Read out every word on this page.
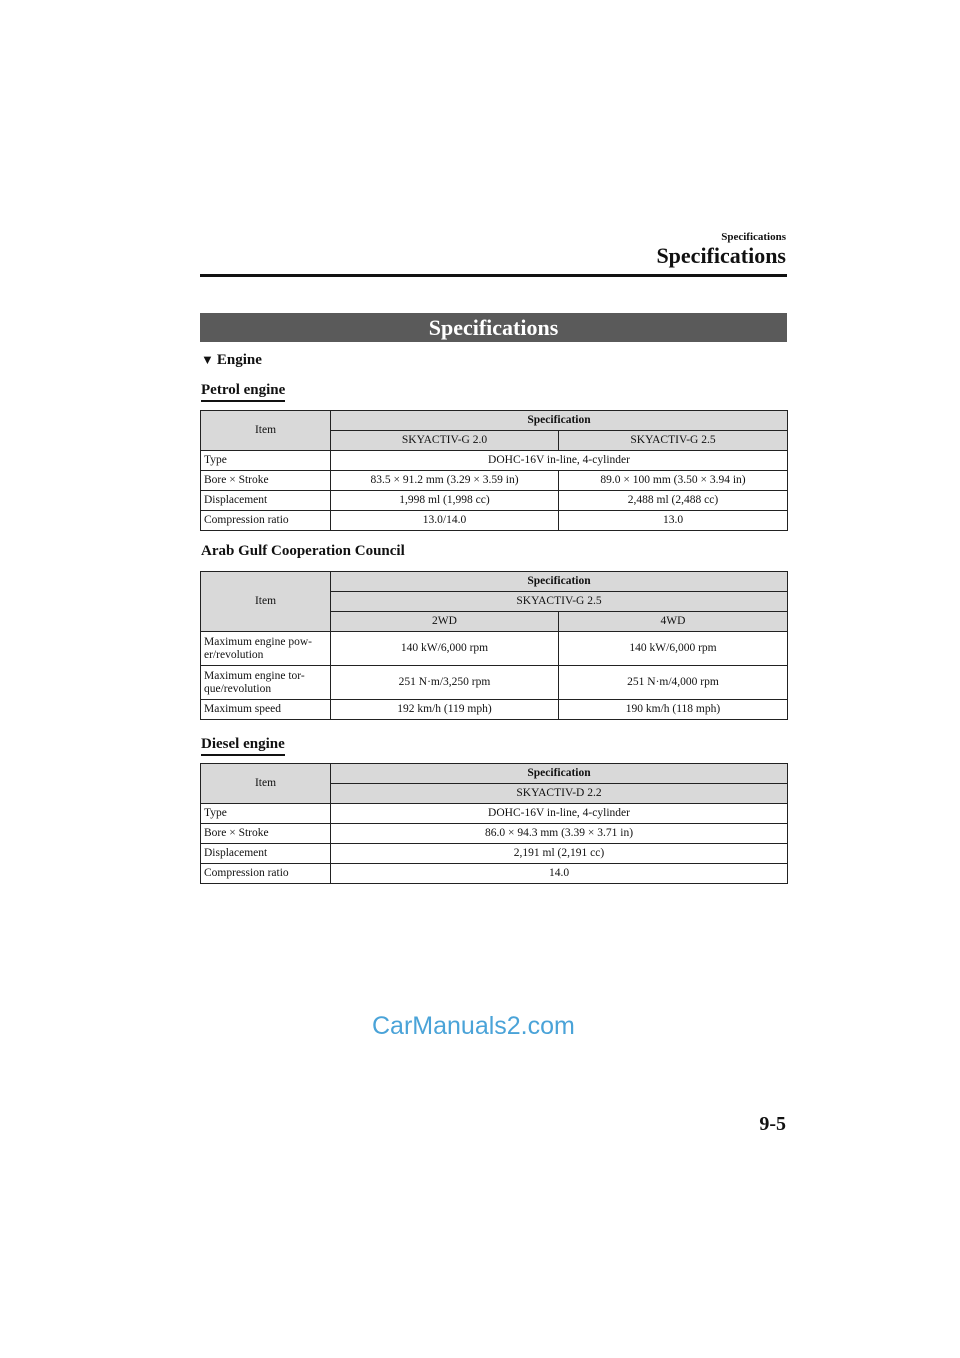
Specifications
Specifications
Specifications
▼ Engine
Petrol engine
Item	Specification	
	SKYACTIV-G 2.0	SKYACTIV-G 2.5
Type	DOHC-16V in-line, 4-cylinder	
Bore × Stroke	83.5 × 91.2 mm (3.29 × 3.59 in)	89.0 × 100 mm (3.50 × 3.94 in)
Displacement	1,998 ml (1,998 cc)	2,488 ml (2,488 cc)
Compression ratio	13.0/14.0	13.0
Arab Gulf Cooperation Council
Item	Specification	
	SKYACTIV-G 2.5	
	2WD	4WD
Maximum engine pow-er/revolution	140 kW/6,000 rpm	140 kW/6,000 rpm
Maximum engine tor-que/revolution	251 N·m/3,250 rpm	251 N·m/4,000 rpm
Maximum speed	192 km/h (119 mph)	190 km/h (118 mph)
Diesel engine
Item	Specification
	SKYACTIV-D 2.2
Type	DOHC-16V in-line, 4-cylinder
Bore × Stroke	86.0 × 94.3 mm (3.39 × 3.71 in)
Displacement	2,191 ml (2,191 cc)
Compression ratio	14.0
CarManuals2.com
9-5
